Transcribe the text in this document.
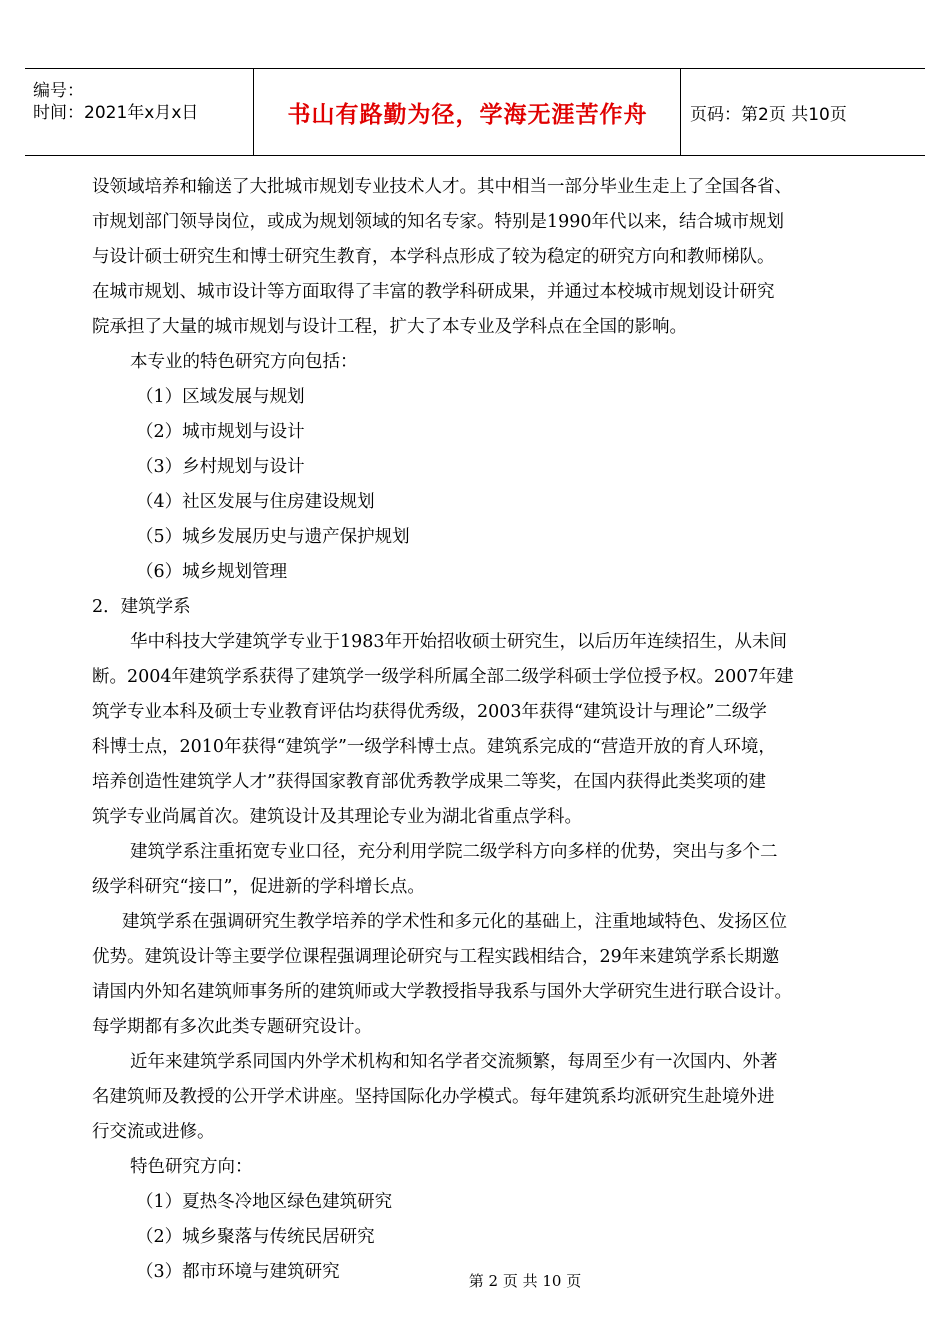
编号：
时间：2021年x月x日	书山有路勤为径，学海无涯苦作舟	页码：第2页 共10页

设领域培养和输送了大批城市规划专业技术人才。其中相当一部分毕业生走上了全国各省、

市规划部门领导岗位，或成为规划领域的知名专家。特别是1990年代以来，结合城市规划

与设计硕士研究生和博士研究生教育，本学科点形成了较为稳定的研究方向和教师梯队。

在城市规划、城市设计等方面取得了丰富的教学科研成果，并通过本校城市规划设计研究

院承担了大量的城市规划与设计工程，扩大了本专业及学科点在全国的影响。

本专业的特色研究方向包括：

（1）区域发展与规划

（2）城市规划与设计

（3）乡村规划与设计

（4）社区发展与住房建设规划

（5）城乡发展历史与遗产保护规划

（6）城乡规划管理

2．建筑学系

华中科技大学建筑学专业于1983年开始招收硕士研究生，以后历年连续招生，从未间

断。2004年建筑学系获得了建筑学一级学科所属全部二级学科硕士学位授予权。2007年建

筑学专业本科及硕士专业教育评估均获得优秀级，2003年获得“建筑设计与理论”二级学

科博士点，2010年获得“建筑学”一级学科博士点。建筑系完成的“营造开放的育人环境，

培养创造性建筑学人才”获得国家教育部优秀教学成果二等奖，在国内获得此类奖项的建

筑学专业尚属首次。建筑设计及其理论专业为湖北省重点学科。

建筑学系注重拓宽专业口径，充分利用学院二级学科方向多样的优势，突出与多个二

级学科研究“接口”，促进新的学科增长点。

建筑学系在强调研究生教学培养的学术性和多元化的基础上，注重地域特色、发扬区位

优势。建筑设计等主要学位课程强调理论研究与工程实践相结合，29年来建筑学系长期邀

请国内外知名建筑师事务所的建筑师或大学教授指导我系与国外大学研究生进行联合设计。

每学期都有多次此类专题研究设计。

近年来建筑学系同国内外学术机构和知名学者交流频繁，每周至少有一次国内、外著

名建筑师及教授的公开学术讲座。坚持国际化办学模式。每年建筑系均派研究生赴境外进

行交流或进修。

特色研究方向：

（1）夏热冬冷地区绿色建筑研究

（2）城乡聚落与传统民居研究

（3）都市环境与建筑研究	第 2 页 共 10 页
